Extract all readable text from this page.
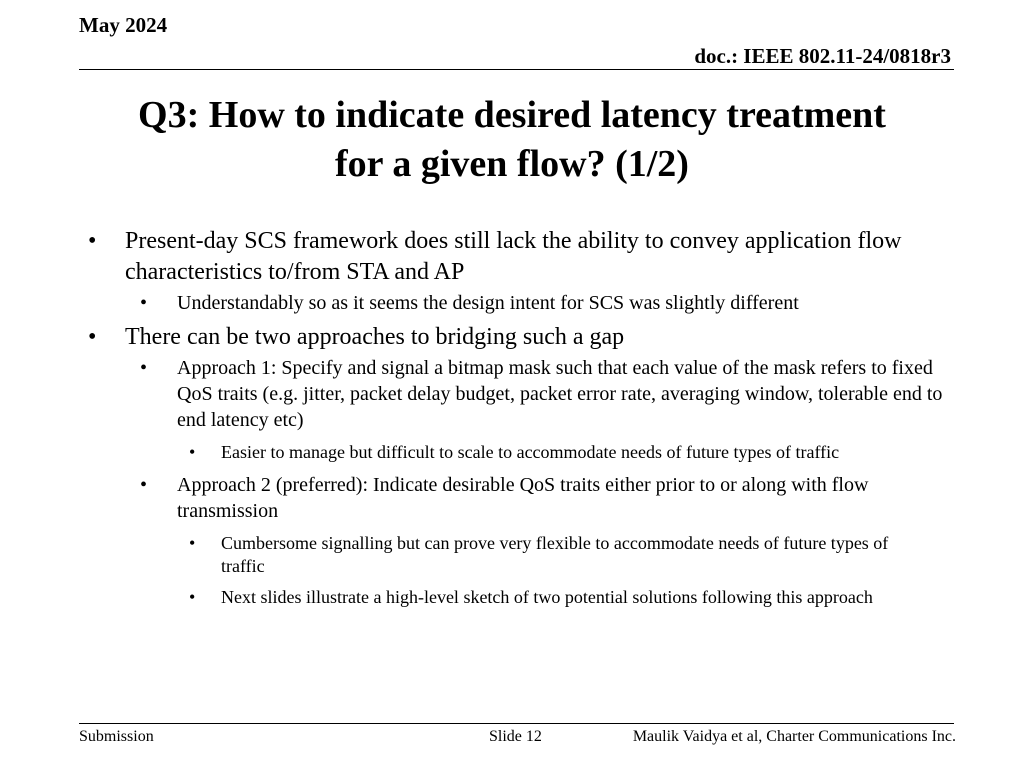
May 2024
doc.: IEEE 802.11-24/0818r3
Q3: How to indicate desired latency treatment
for a given flow? (1/2)
• Present-day SCS framework does still lack the ability to convey application flow characteristics to/from STA and AP
• Understandably so as it seems the design intent for SCS was slightly different
• There can be two approaches to bridging such a gap
• Approach 1: Specify and signal a bitmap mask such that each value of the mask refers to fixed QoS traits (e.g. jitter, packet delay budget, packet error rate, averaging window, tolerable end to end latency etc)
• Easier to manage but difficult to scale to accommodate needs of future types of traffic
• Approach 2 (preferred): Indicate desirable QoS traits either prior to or along with flow transmission
• Cumbersome signalling but can prove very flexible to accommodate needs of future types of traffic
• Next slides illustrate a high-level sketch of two potential solutions following this approach
Submission	Slide 12	Maulik Vaidya et al, Charter Communications Inc.
